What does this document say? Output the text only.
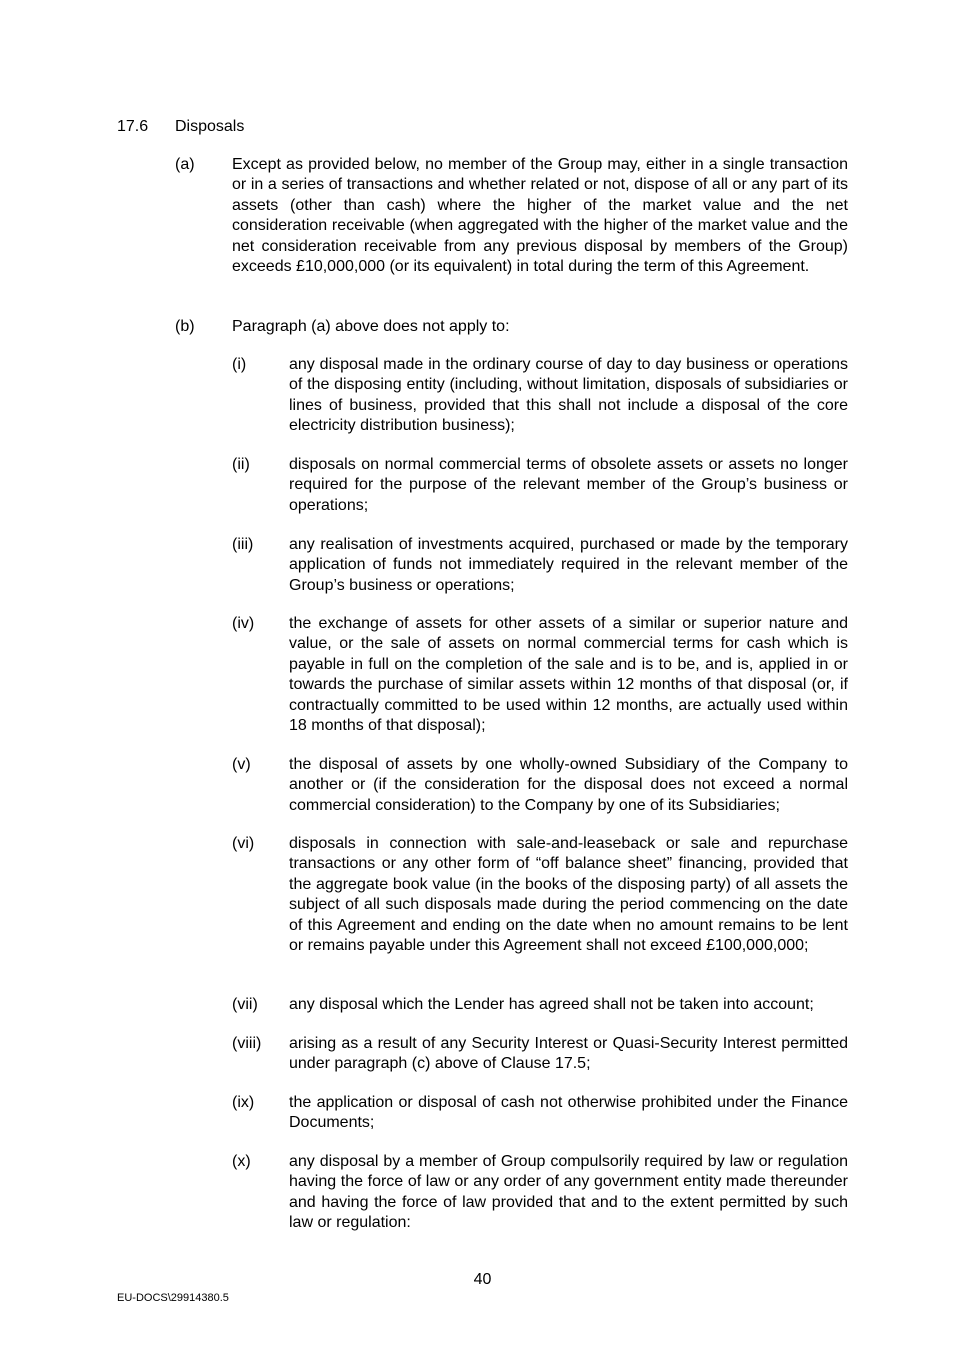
17.6 Disposals
(a) Except as provided below, no member of the Group may, either in a single transaction or in a series of transactions and whether related or not, dispose of all or any part of its assets (other than cash) where the higher of the market value and the net consideration receivable (when aggregated with the higher of the market value and the net consideration receivable from any previous disposal by members of the Group) exceeds £10,000,000 (or its equivalent) in total during the term of this Agreement.
(b) Paragraph (a) above does not apply to:
(i)	any disposal made in the ordinary course of day to day business or operations of the disposing entity (including, without limitation, disposals of subsidiaries or lines of business, provided that this shall not include a disposal of the core electricity distribution business);
(ii) disposals on normal commercial terms of obsolete assets or assets no longer required for the purpose of the relevant member of the Group’s business or operations;
(iii) any realisation of investments acquired, purchased or made by the temporary application of funds not immediately required in the relevant member of the Group’s business or operations;
(iv) the exchange of assets for other assets of a similar or superior nature and value, or the sale of assets on normal commercial terms for cash which is payable in full on the completion of the sale and is to be, and is, applied in or towards the purchase of similar assets within 12 months of that disposal (or, if contractually committed to be used within 12 months, are actually used within 18 months of that disposal);
(v) the disposal of assets by one wholly-owned Subsidiary of the Company to another or (if the consideration for the disposal does not exceed a normal commercial consideration) to the Company by one of its Subsidiaries;
(vi) disposals in connection with sale-and-leaseback or sale and repurchase transactions or any other form of “off balance sheet” financing, provided that the aggregate book value (in the books of the disposing party) of all assets the subject of all such disposals made during the period commencing on the date of this Agreement and ending on the date when no amount remains to be lent or remains payable under this Agreement shall not exceed £100,000,000;
(vii) any disposal which the Lender has agreed shall not be taken into account;
(viii) arising as a result of any Security Interest or Quasi-Security Interest permitted under paragraph (c) above of Clause 17.5;
(ix) the application or disposal of cash not otherwise prohibited under the Finance Documents;
(x) any disposal by a member of Group compulsorily required by law or regulation having the force of law or any order of any government entity made thereunder and having the force of law provided that and to the extent permitted by such law or regulation:
40
EU-DOCS\29914380.5
